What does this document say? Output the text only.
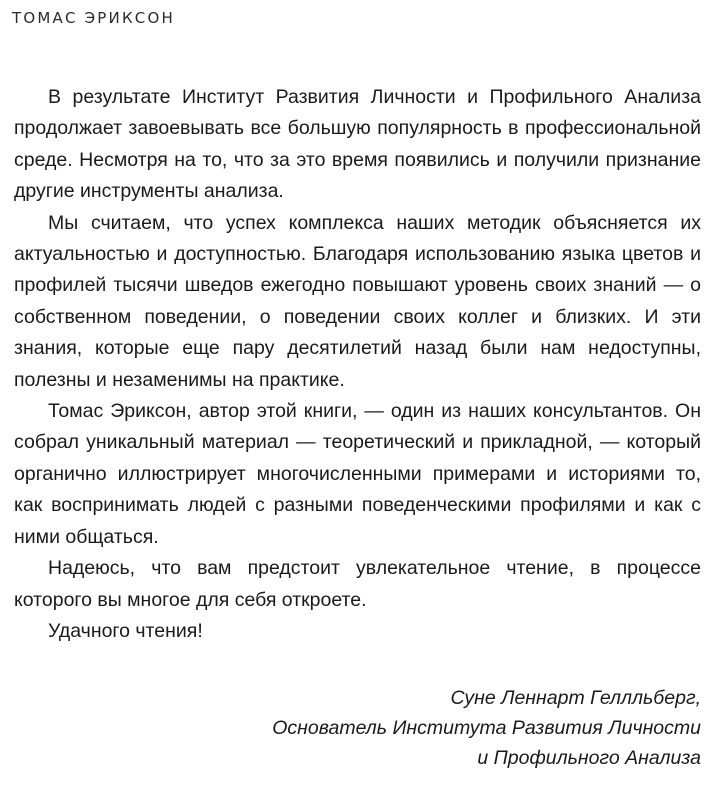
ТОМАС ЭРИКСОН

В результате Институт Развития Личности и Профильного Анализа продолжает завоевывать все большую популярность в профессиональной среде. Несмотря на то, что за это время появились и получили признание другие инструменты анализа.

Мы считаем, что успех комплекса наших методик объясняется их актуальностью и доступностью. Благодаря использованию языка цветов и профилей тысячи шведов ежегодно повышают уровень своих знаний — о собственном поведении, о поведении своих коллег и близких. И эти знания, которые еще пару десятилетий назад были нам недоступны, полезны и незаменимы на практике.

Томас Эриксон, автор этой книги, — один из наших консультантов. Он собрал уникальный материал — теоретический и прикладной, — который органично иллюстрирует многочисленными примерами и историями то, как воспринимать людей с разными поведенческими профилями и как с ними общаться.

Надеюсь, что вам предстоит увлекательное чтение, в процессе которого вы многое для себя откроете.

Удачного чтения!

Суне Леннарт Геллльберг,
Основатель Института Развития Личности
и Профильного Анализа
